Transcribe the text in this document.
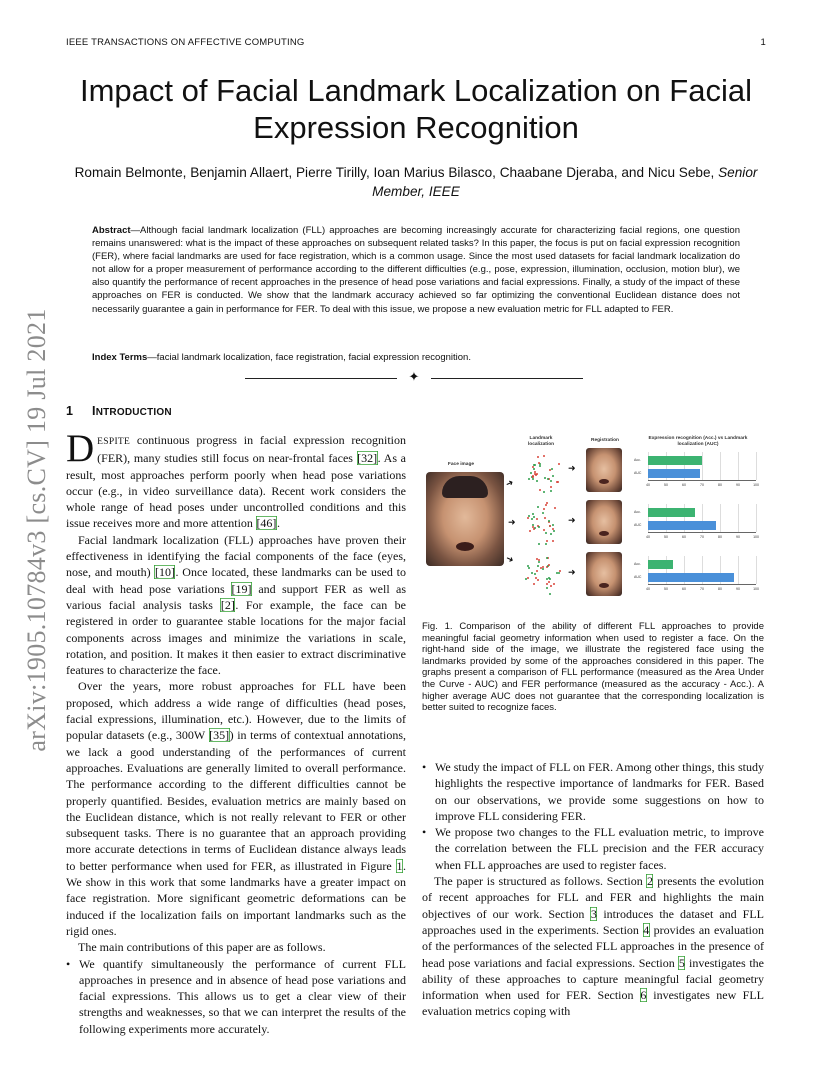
IEEE TRANSACTIONS ON AFFECTIVE COMPUTING	1
arXiv:1905.10784v3 [cs.CV] 19 Jul 2021
Impact of Facial Landmark Localization on Facial Expression Recognition
Romain Belmonte, Benjamin Allaert, Pierre Tirilly, Ioan Marius Bilasco, Chaabane Djeraba, and Nicu Sebe, Senior Member, IEEE
Abstract—Although facial landmark localization (FLL) approaches are becoming increasingly accurate for characterizing facial regions, one question remains unanswered: what is the impact of these approaches on subsequent related tasks? In this paper, the focus is put on facial expression recognition (FER), where facial landmarks are used for face registration, which is a common usage. Since the most used datasets for facial landmark localization do not allow for a proper measurement of performance according to the different difficulties (e.g., pose, expression, illumination, occlusion, motion blur), we also quantify the performance of recent approaches in the presence of head pose variations and facial expressions. Finally, a study of the impact of these approaches on FER is conducted. We show that the landmark accuracy achieved so far optimizing the conventional Euclidean distance does not necessarily guarantee a gain in performance for FER. To deal with this issue, we propose a new evaluation metric for FLL adapted to FER.
Index Terms—facial landmark localization, face registration, facial expression recognition.
✦
1 INTRODUCTION

DESPITE continuous progress in facial expression recognition (FER), many studies still focus on near-frontal faces [32]. As a result, most approaches perform poorly when head pose variations occur (e.g., in video surveillance data). Recent work considers the whole range of head poses under uncontrolled conditions and this issue receives more and more attention [46].

Facial landmark localization (FLL) approaches have proven their effectiveness in identifying the facial components of the face (eyes, nose, and mouth) [10]. Once located, these landmarks can be used to deal with head pose variations [19] and support FER as well as various facial analysis tasks [2]. For example, the face can be registered in order to guarantee stable locations for the major facial components across images and minimize the variations in scale, rotation, and position. It makes it then easier to extract discriminative features to characterize the face.

Over the years, more robust approaches for FLL have been proposed, which address a wide range of difficulties (head poses, facial expressions, illumination, etc.). However, due to the limits of popular datasets (e.g., 300W [35]) in terms of contextual annotations, we lack a good understanding of the performances of current approaches. Evaluations are generally limited to overall performance. The performance according to the different difficulties cannot be properly quantified. Besides, evaluation metrics are mainly based on the Euclidean distance, which is not really relevant to FER or other subsequent tasks. There is no guarantee that an approach providing more accurate detections in terms of Euclidean distance always leads to better performance when used for FER, as illustrated in Figure 1. We show in this work that some landmarks have a greater impact on face registration. More significant geometric deformations can be induced if the localization fails on important landmarks such as the rigid ones.

The main contributions of this paper are as follows.

• We quantify simultaneously the performance of current FLL approaches in presence and in absence of head pose variations and facial expressions. This allows us to get a clear view of their strengths and weaknesses, so that we can interpret the results of the following experiments more accurately.
Landmark localization
Registration	Expression recognition (Acc.) vs Landmark localization (AUC)
Face image
➜
➜
➜
➜
➜
➜
40	50	60	70	80	90	100
Acc.
AUC
40	50	60	70	80	90	100
Acc.
AUC
40	50	60	70	80	90	100
Acc.
AUC
Fig. 1. Comparison of the ability of different FLL approaches to provide meaningful facial geometry information when used to register a face. On the right-hand side of the image, we illustrate the registered face using the landmarks provided by some of the approaches considered in this paper. The graphs present a comparison of FLL performance (measured as the Area Under the Curve - AUC) and FER performance (measured as the accuracy - Acc.). A higher average AUC does not guarantee that the corresponding localization is better suited to recognize faces.
• We study the impact of FLL on FER. Among other things, this study highlights the respective importance of landmarks for FER. Based on our observations, we provide some suggestions on how to improve FLL considering FER.
• We propose two changes to the FLL evaluation metric, to improve the correlation between the FLL precision and the FER accuracy when FLL approaches are used to register faces.

The paper is structured as follows. Section 2 presents the evolution of recent approaches for FLL and FER and highlights the main objectives of our work. Section 3 introduces the dataset and FLL approaches used in the experiments. Section 4 provides an evaluation of the performances of the selected FLL approaches in the presence of head pose variations and facial expressions. Section 5 investigates the ability of these approaches to capture meaningful facial geometry information when used for FER. Section 6 investigates new FLL evaluation metrics coping with
